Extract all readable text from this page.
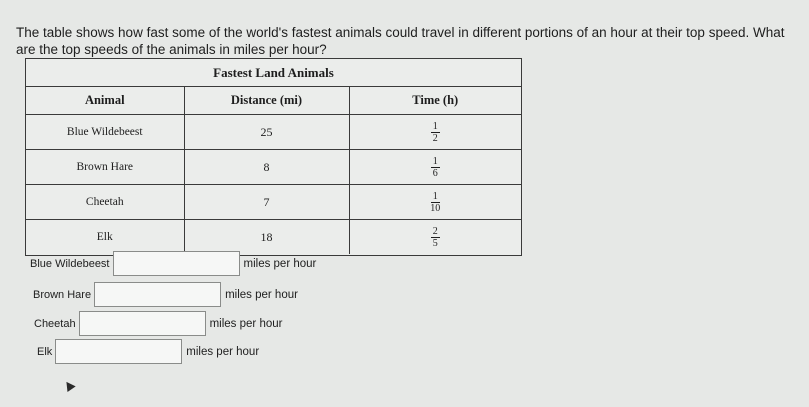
The table shows how fast some of the world's fastest animals could travel in different portions of an hour at their top speed. What are the top speeds of the animals in miles per hour?

Fastest Land Animals
Animal	Distance (mi)	Time (h)
Blue Wildebeest	25	$\frac{1}{2}$

Brown Hare	8	$\frac{1}{6}$

Cheetah	7	$\frac{1}{10}$

Elk	18	$\frac{2}{5}$
Blue Wildebeest	miles per hour
Brown Hare	miles per hour
Cheetah	miles per hour
Elk	miles per hour
